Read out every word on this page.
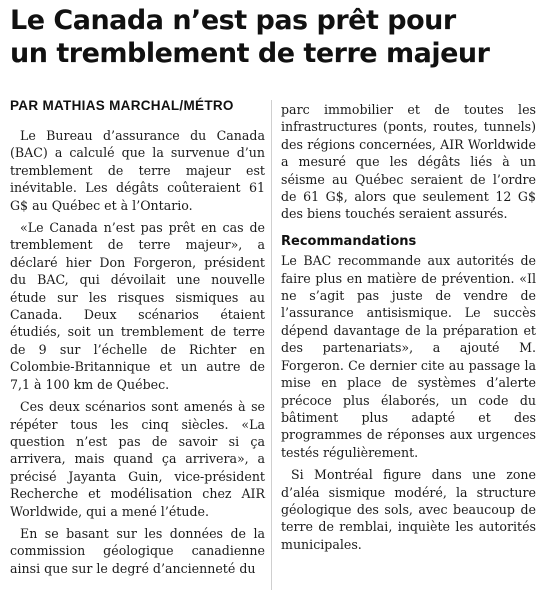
Le Canada n’est pas prêt pour
un tremblement de terre majeur
PAR MATHIAS MARCHAL/MÉTRO

Le Bureau d’assurance du Canada (BAC) a calculé que la survenue d’un tremblement de terre majeur est inévitable. Les dégâts coûteraient 61 G$ au Québec et à l’Ontario.

«Le Canada n’est pas prêt en cas de tremblement de terre majeur», a déclaré hier Don Forgeron, président du BAC, qui dévoilait une nouvelle étude sur les risques sismiques au Canada. Deux scénarios étaient étudiés, soit un tremblement de terre de 9 sur l’échelle de Richter en Colombie-Britannique et un autre de 7,1 à 100 km de Québec.

Ces deux scénarios sont amenés à se répéter tous les cinq siècles. «La question n’est pas de savoir si ça arrivera, mais quand ça arrivera», a précisé Jayanta Guin, vice-président Recherche et modélisation chez AIR Worldwide, qui a mené l’étude.

En se basant sur les données de la commission géologique canadienne ainsi que sur le degré d’ancienneté du

parc immobilier et de toutes les infrastructures (ponts, routes, tunnels) des régions concernées, AIR Worldwide a mesuré que les dégâts liés à un séisme au Québec seraient de l’ordre de 61 G$, alors que seulement 12 G$ des biens touchés seraient assurés.

Recommandations

Le BAC recommande aux autorités de faire plus en matière de prévention. «Il ne s’agit pas juste de vendre de l’assurance antisismique. Le succès dépend davantage de la préparation et des partenariats», a ajouté M. Forgeron. Ce dernier cite au passage la mise en place de systèmes d’alerte précoce plus élaborés, un code du bâtiment plus adapté et des programmes de réponses aux urgences testés régulièrement.

Si Montréal figure dans une zone d’aléa sismique modéré, la structure géologique des sols, avec beaucoup de terre de remblai, inquiète les autorités municipales.
